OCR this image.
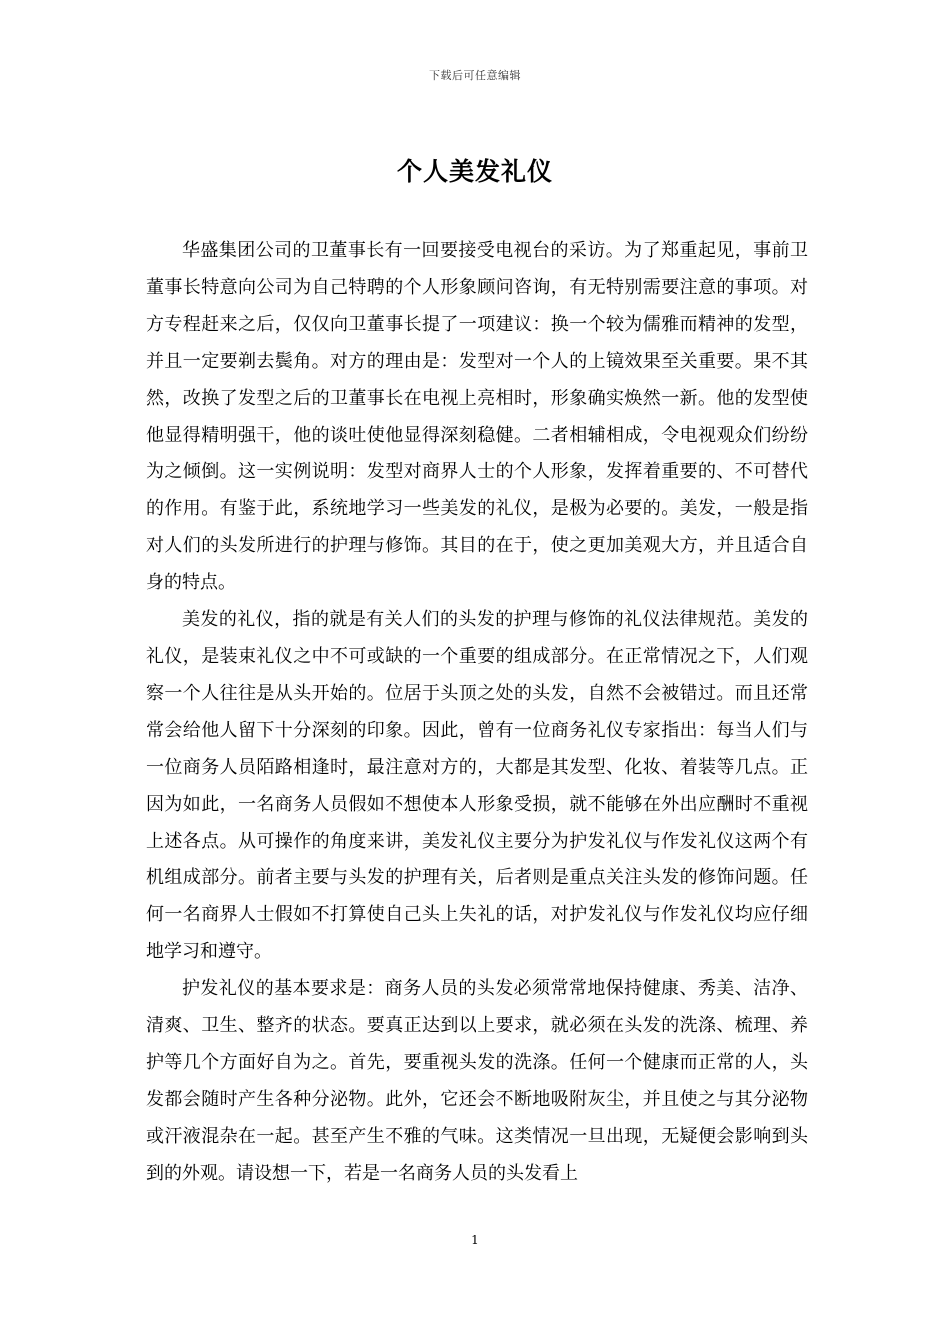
下载后可任意编辑
个人美发礼仪

华盛集团公司的卫董事长有一回要接受电视台的采访。为了郑重起见，事前卫董事长特意向公司为自己特聘的个人形象顾问咨询，有无特别需要注意的事项。对方专程赶来之后，仅仅向卫董事长提了一项建议：换一个较为儒雅而精神的发型，并且一定要剃去鬓角。对方的理由是：发型对一个人的上镜效果至关重要。果不其然，改换了发型之后的卫董事长在电视上亮相时，形象确实焕然一新。他的发型使他显得精明强干，他的谈吐使他显得深刻稳健。二者相辅相成，令电视观众们纷纷为之倾倒。这一实例说明：发型对商界人士的个人形象，发挥着重要的、不可替代的作用。有鉴于此，系统地学习一些美发的礼仪，是极为必要的。美发，一般是指对人们的头发所进行的护理与修饰。其目的在于，使之更加美观大方，并且适合自身的特点。

美发的礼仪，指的就是有关人们的头发的护理与修饰的礼仪法律规范。美发的礼仪，是装束礼仪之中不可或缺的一个重要的组成部分。在正常情况之下，人们观察一个人往往是从头开始的。位居于头顶之处的头发，自然不会被错过。而且还常常会给他人留下十分深刻的印象。因此，曾有一位商务礼仪专家指出：每当人们与一位商务人员陌路相逢时，最注意对方的，大都是其发型、化妆、着装等几点。正因为如此，一名商务人员假如不想使本人形象受损，就不能够在外出应酬时不重视上述各点。从可操作的角度来讲，美发礼仪主要分为护发礼仪与作发礼仪这两个有机组成部分。前者主要与头发的护理有关，后者则是重点关注头发的修饰问题。任何一名商界人士假如不打算使自己头上失礼的话，对护发礼仪与作发礼仪均应仔细地学习和遵守。

护发礼仪的基本要求是：商务人员的头发必须常常地保持健康、秀美、洁净、清爽、卫生、整齐的状态。要真正达到以上要求，就必须在头发的洗涤、梳理、养护等几个方面好自为之。首先，要重视头发的洗涤。任何一个健康而正常的人，头发都会随时产生各种分泌物。此外，它还会不断地吸附灰尘，并且使之与其分泌物或汗液混杂在一起。甚至产生不雅的气味。这类情况一旦出现，无疑便会影响到头到的外观。请设想一下，若是一名商务人员的头发看上

1
